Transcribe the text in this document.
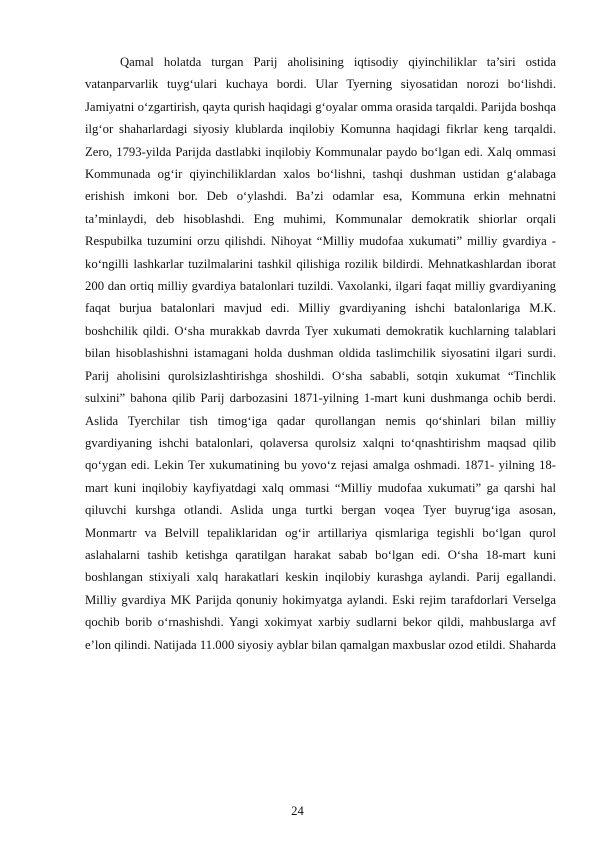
Qamal holatda turgan Parij aholisining iqtisodiy qiyinchiliklar ta’siri ostida vatanparvarlik tuyg‘ulari kuchaya bordi. Ular Tyerning siyosatidan norozi bo‘lishdi. Jamiyatni o‘zgartirish, qayta qurish haqidagi g‘oyalar omma orasida tarqaldi. Parijda boshqa ilg‘or shaharlardagi siyosiy klublarda inqilobiy Komunna haqidagi fikrlar keng tarqaldi. Zero, 1793-yilda Parijda dastlabki inqilobiy Kommunalar paydo bo‘lgan edi. Xalq ommasi Kommunada og‘ir qiyinchiliklardan xalos bo‘lishni, tashqi dushman ustidan g‘alabaga erishish imkoni bor. Deb o‘ylashdi. Ba’zi odamlar esa, Kommuna erkin mehnatni ta’minlaydi, deb hisoblashdi. Eng muhimi, Kommunalar demokratik shiorlar orqali Respubilka tuzumini orzu qilishdi. Nihoyat “Milliy mudofaa xukumati” milliy gvardiya - ko‘ngilli lashkarlar tuzilmalarini tashkil qilishiga rozilik bildirdi. Mehnatkashlardan iborat 200 dan ortiq milliy gvardiya batalonlari tuzildi. Vaxolanki, ilgari faqat milliy gvardiyaning faqat burjua batalonlari mavjud edi. Milliy gvardiyaning ishchi batalonlariga M.K. boshchilik qildi. O‘sha murakkab davrda Tyer xukumati demokratik kuchlarning talablari bilan hisoblashishni istamagani holda dushman oldida taslimchilik siyosatini ilgari surdi. Parij aholisini qurolsizlashtirishga shoshildi. O‘sha sababli, sotqin xukumat “Tinchlik sulxini” bahona qilib Parij darbozasini 1871-yilning 1-mart kuni dushmanga ochib berdi. Aslida Tyerchilar tish timog‘iga qadar qurollangan nemis qo‘shinlari bilan milliy gvardiyaning ishchi batalonlari, qolaversa qurolsiz xalqni to‘qnashtirishm maqsad qilib qo‘ygan edi. Lekin Ter xukumatining bu yovo‘z rejasi amalga oshmadi. 1871- yilning 18-mart kuni inqilobiy kayfiyatdagi xalq ommasi “Milliy mudofaa xukumati” ga qarshi hal qiluvchi kurshga otlandi. Aslida unga turtki bergan voqea Tyer buyrug‘iga asosan, Monmartr va Belvill tepaliklaridan og‘ir artillariya qismlariga tegishli bo‘lgan qurol aslahalarni tashib ketishga qaratilgan harakat sabab bo‘lgan edi. O‘sha 18-mart kuni boshlangan stixiyali xalq harakatlari keskin inqilobiy kurashga aylandi. Parij egallandi. Milliy gvardiya MK Parijda qonuniy hokimyatga aylandi. Eski rejim tarafdorlari Verselga qochib borib o‘rnashishdi. Yangi xokimyat xarbiy sudlarni bekor qildi, mahbuslarga avf e’lon qilindi. Natijada 11.000 siyosiy ayblar bilan qamalgan maxbuslar ozod etildi. Shaharda

24
